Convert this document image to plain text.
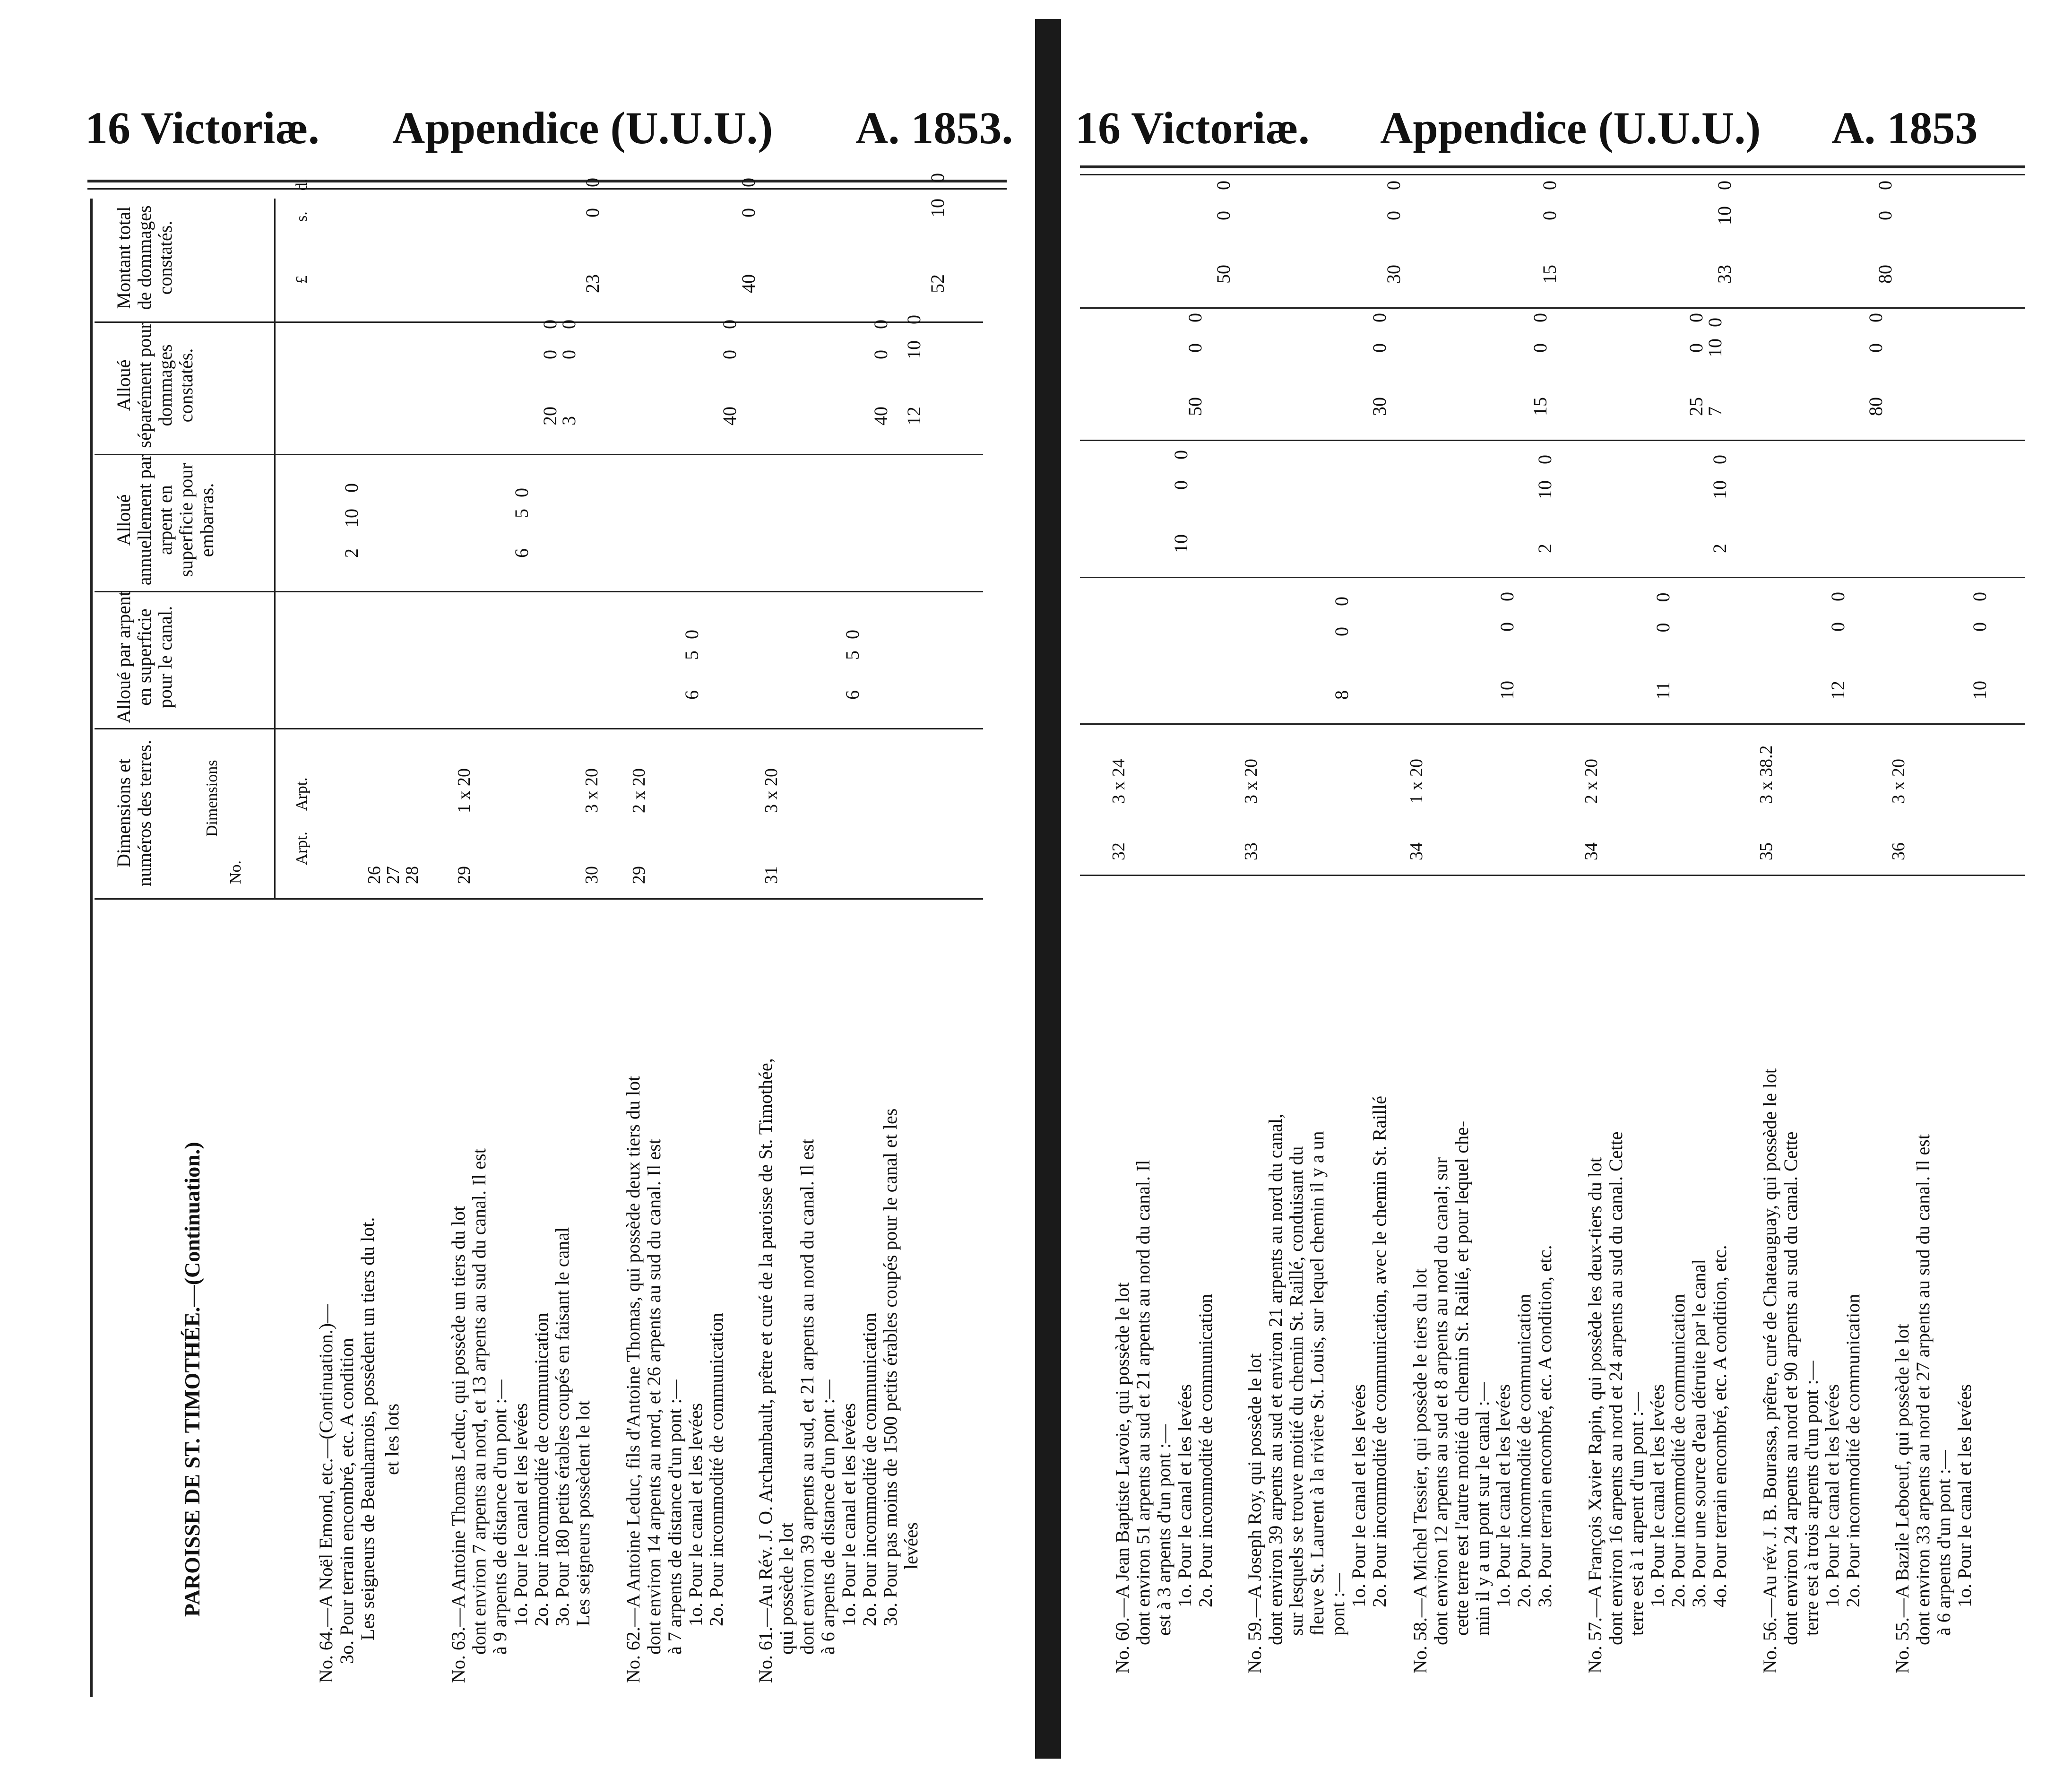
16 Victoriæ. Appendice (U.U.U.) A. 1853.
Montant total de dommages constatés.
Alloué séparément pour dommages constatés.
Alloué annuellement par arpent en superficie pour embarras.
Alloué par arpent en superficie pour le canal.
Dimensions et numéros des terres.	No.
Dimensions
£ s. d.
Arpt. Arpt.
PAROISSE DE ST. TIMOTHÉE.—(Continuation.)	No. 64.—A Noël Emond, etc.—(Continuation.)— 3o. Pour terrain encombré, etc. A condition Les seigneurs de Beauharnois, possèdent un tiers du lot. et les lots No. 63.—A Antoine Thomas Leduc, qui possède un tiers du lot dont environ 7 arpents au nord, et 13 arpents au sud du canal. Il est à 9 arpents de distance d'un pont :— 1o. Pour le canal et les levées 2o. Pour incommodité de communication 3o. Pour 180 petits érables coupés en faisant le canal Les seigneurs possèdent le lot No. 62.—A Antoine Leduc, fils d'Antoine Thomas, qui possède deux tiers du lot dont environ 14 arpents au nord, et 26 arpents au sud du canal. Il est à 7 arpents de distance d'un pont :— 1o. Pour le canal et les levées 2o. Pour incommodité de communication No. 61.—Au Rév. J. O. Archambault, prêtre et curé de la paroisse de St. Timothée, qui possède le lot dont environ 39 arpents au sud, et 21 arpents au nord du canal. Il est à 6 arpents de distance d'un pont :— 1o. Pour le canal et les levées 2o. Pour incommodité de communication 3o. Pour pas moins de 1500 petits érables coupés pour le canal et les levées
26
27
28 29
1 x 20
30
3 x 20
29
2 x 20
31
3 x 20
23
0 0
40
0 0
52
10 0
20
0 0
3
0 0
40
0 0
40
0 0
12
10 0
2 10 0
6 5 0
6 5 0
6 5 0
16 Victoriæ. Appendice (U.U.U.) A. 1853
No. 60.—A Jean Baptiste Lavoie, qui possède le lot dont environ 51 arpents au sud et 21 arpents au nord du canal. Il est à 3 arpents d'un pont :— 1o. Pour le canal et les levées 2o. Pour incommodité de communication No. 59.—A Joseph Roy, qui possède le lot dont environ 39 arpents au sud et environ 21 arpents au nord du canal, sur lesquels se trouve moitié du chemin St. Raillé, conduisant du fleuve St. Laurent à la rivière St. Louis, sur lequel chemin il y a un pont :— 1o. Pour le canal et les levées 2o. Pour incommodité de communication, avec le chemin St. Raillé No. 58.—A Michel Tessier, qui possède le tiers du lot dont environ 12 arpents au sud et 8 arpents au nord du canal; sur cette terre est l'autre moitié du chemin St. Raillé, et pour lequel che- min il y a un pont sur le canal :— 1o. Pour le canal et les levées 2o. Pour incommodité de communication 3o. Pour terrain encombré, etc. A condition, etc. No. 57.—A François Xavier Rapin, qui possède les deux-tiers du lot dont environ 16 arpents au nord et 24 arpents au sud du canal. Cette terre est à 1 arpent d'un pont :— 1o. Pour le canal et les levées 2o. Pour incommodité de communication 3o. Pour une source d'eau détruite par le canal 4o. Pour terrain encombré, etc. A condition, etc. No. 56.—Au rév. J. B. Bourassa, prêtre, curé de Chateauguay, qui possède le lot dont environ 24 arpents au nord et 90 arpents au sud du canal. Cette terre est à trois arpents d'un pont :— 1o. Pour le canal et les levées 2o. Pour incommodité de communication No. 55.—A Bazile Leboeuf, qui possède le lot dont environ 33 arpents au nord et 27 arpents au sud du canal. Il est à 6 arpents d'un pont :— 1o. Pour le canal et les levées
32
3 x 24
33
3 x 20
34
1 x 20
34
2 x 20
35
3 x 38.2
36
3 x 20
50 0 0
30 0 0
15 0 0
33 10 0
80 0 0
50 0 0
30 0 0
15 0 0
25 0 0
7 10 0
80 0 0
10 0 0
2 10 0
2 10 0
8 0 0
10 0 0
11 0 0
12 0 0
10 0 0
